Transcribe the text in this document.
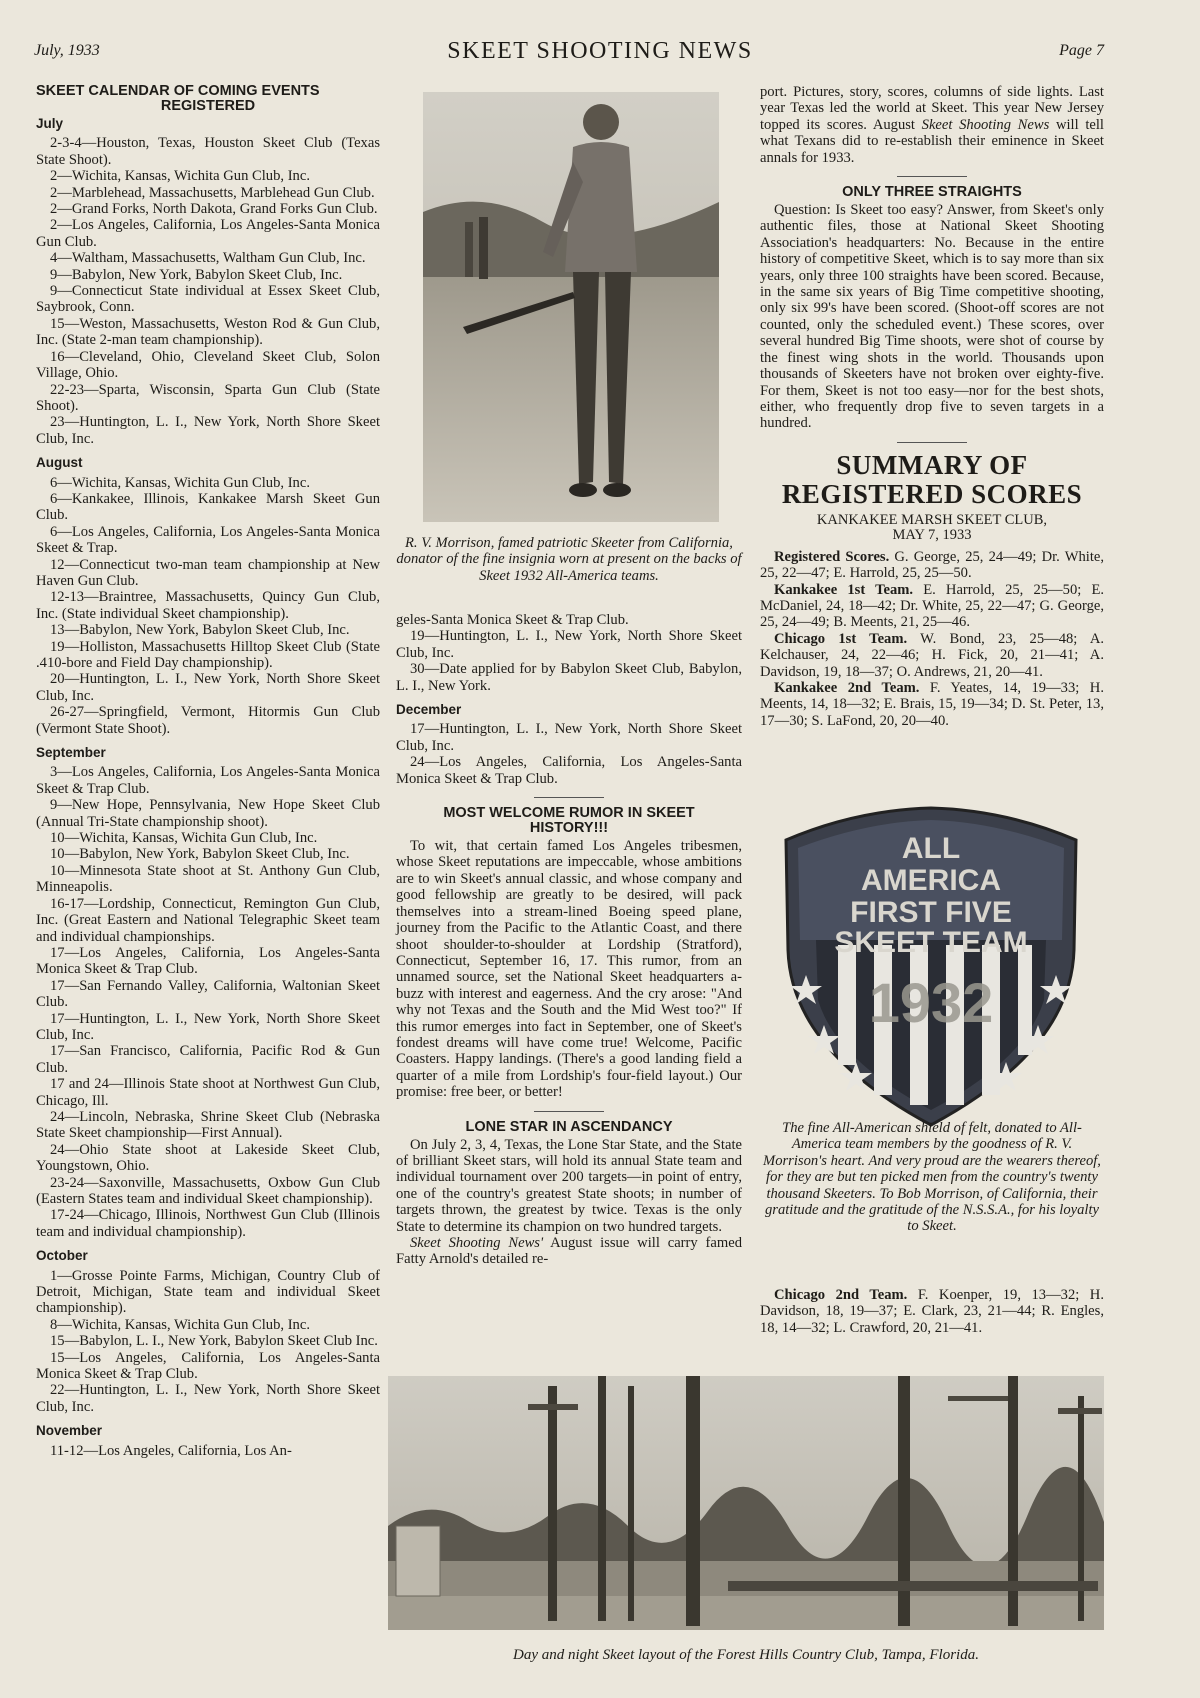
July, 1933	SKEET SHOOTING NEWS	Page 7
SKEET CALENDAR OF COMING EVENTS
REGISTERED
July

2-3-4—Houston, Texas, Houston Skeet Club (Texas State Shoot).

2—Wichita, Kansas, Wichita Gun Club, Inc.

2—Marblehead, Massachusetts, Marblehead Gun Club.

2—Grand Forks, North Dakota, Grand Forks Gun Club.

2—Los Angeles, California, Los Angeles-Santa Monica Gun Club.

4—Waltham, Massachusetts, Waltham Gun Club, Inc.

9—Babylon, New York, Babylon Skeet Club, Inc.

9—Connecticut State individual at Essex Skeet Club, Saybrook, Conn.

15—Weston, Massachusetts, Weston Rod & Gun Club, Inc. (State 2-man team championship).

16—Cleveland, Ohio, Cleveland Skeet Club, Solon Village, Ohio.

22-23—Sparta, Wisconsin, Sparta Gun Club (State Shoot).

23—Huntington, L. I., New York, North Shore Skeet Club, Inc.

August

6—Wichita, Kansas, Wichita Gun Club, Inc.

6—Kankakee, Illinois, Kankakee Marsh Skeet Gun Club.

6—Los Angeles, California, Los Angeles-Santa Monica Skeet & Trap.

12—Connecticut two-man team championship at New Haven Gun Club.

12-13—Braintree, Massachusetts, Quincy Gun Club, Inc. (State individual Skeet championship).

13—Babylon, New York, Babylon Skeet Club, Inc.

19—Holliston, Massachusetts Hilltop Skeet Club (State .410-bore and Field Day championship).

20—Huntington, L. I., New York, North Shore Skeet Club, Inc.

26-27—Springfield, Vermont, Hitormis Gun Club (Vermont State Shoot).

September

3—Los Angeles, California, Los Angeles-Santa Monica Skeet & Trap Club.

9—New Hope, Pennsylvania, New Hope Skeet Club (Annual Tri-State championship shoot).

10—Wichita, Kansas, Wichita Gun Club, Inc.

10—Babylon, New York, Babylon Skeet Club, Inc.

10—Minnesota State shoot at St. Anthony Gun Club, Minneapolis.

16-17—Lordship, Connecticut, Remington Gun Club, Inc. (Great Eastern and National Telegraphic Skeet team and individual championships.

17—Los Angeles, California, Los Angeles-Santa Monica Skeet & Trap Club.

17—San Fernando Valley, California, Waltonian Skeet Club.

17—Huntington, L. I., New York, North Shore Skeet Club, Inc.

17—San Francisco, California, Pacific Rod & Gun Club.

17 and 24—Illinois State shoot at Northwest Gun Club, Chicago, Ill.

24—Lincoln, Nebraska, Shrine Skeet Club (Nebraska State Skeet championship—First Annual).

24—Ohio State shoot at Lakeside Skeet Club, Youngstown, Ohio.

23-24—Saxonville, Massachusetts, Oxbow Gun Club (Eastern States team and individual Skeet championship).

17-24—Chicago, Illinois, Northwest Gun Club (Illinois team and individual championship).

October

1—Grosse Pointe Farms, Michigan, Country Club of Detroit, Michigan, State team and individual Skeet championship).

8—Wichita, Kansas, Wichita Gun Club, Inc.

15—Babylon, L. I., New York, Babylon Skeet Club Inc.

15—Los Angeles, California, Los Angeles-Santa Monica Skeet & Trap Club.

22—Huntington, L. I., New York, North Shore Skeet Club, Inc.

November

11-12—Los Angeles, California, Los An-

R. V. Morrison, famed patriotic Skeeter from California, donator of the fine insignia worn at present on the backs of Skeet 1932 All-America teams.

geles-Santa Monica Skeet & Trap Club.

19—Huntington, L. I., New York, North Shore Skeet Club, Inc.

30—Date applied for by Babylon Skeet Club, Babylon, L. I., New York.

December

17—Huntington, L. I., New York, North Shore Skeet Club, Inc.

24—Los Angeles, California, Los Angeles-Santa Monica Skeet & Trap Club.

MOST WELCOME RUMOR IN SKEET
HISTORY!!!

To wit, that certain famed Los Angeles tribesmen, whose Skeet reputations are impeccable, whose ambitions are to win Skeet's annual classic, and whose company and good fellowship are greatly to be desired, will pack themselves into a stream-lined Boeing speed plane, journey from the Pacific to the Atlantic Coast, and there shoot shoulder-to-shoulder at Lordship (Stratford), Connecticut, September 16, 17. This rumor, from an unnamed source, set the National Skeet headquarters a-buzz with interest and eagerness. And the cry arose: "And why not Texas and the South and the Mid West too?" If this rumor emerges into fact in September, one of Skeet's fondest dreams will have come true! Welcome, Pacific Coasters. Happy landings. (There's a good landing field a quarter of a mile from Lordship's four-field layout.) Our promise: free beer, or better!

LONE STAR IN ASCENDANCY

On July 2, 3, 4, Texas, the Lone Star State, and the State of brilliant Skeet stars, will hold its annual State team and individual tournament over 200 targets—in point of entry, one of the country's greatest State shoots; in number of targets thrown, the greatest by twice. Texas is the only State to determine its champion on two hundred targets.

Skeet Shooting News' August issue will carry famed Fatty Arnold's detailed re-

port. Pictures, story, scores, columns of side lights. Last year Texas led the world at Skeet. This year New Jersey topped its scores. August Skeet Shooting News will tell what Texans did to re-establish their eminence in Skeet annals for 1933.

ONLY THREE STRAIGHTS

Question: Is Skeet too easy? Answer, from Skeet's only authentic files, those at National Skeet Shooting Association's headquarters: No. Because in the entire history of competitive Skeet, which is to say more than six years, only three 100 straights have been scored. Because, in the same six years of Big Time competitive shooting, only six 99's have been scored. (Shoot-off scores are not counted, only the scheduled event.) These scores, over several hundred Big Time shoots, were shot of course by the finest wing shots in the world. Thousands upon thousands of Skeeters have not broken over eighty-five. For them, Skeet is not too easy—nor for the best shots, either, who frequently drop five to seven targets in a hundred.

SUMMARY OF
REGISTERED SCORES
KANKAKEE MARSH SKEET CLUB,
MAY 7, 1933

Registered Scores. G. George, 25, 24—49; Dr. White, 25, 22—47; E. Harrold, 25, 25—50.

Kankakee 1st Team. E. Harrold, 25, 25—50; E. McDaniel, 24, 18—42; Dr. White, 25, 22—47; G. George, 25, 24—49; B. Meents, 21, 25—46.

Chicago 1st Team. W. Bond, 23, 25—48; A. Kelchauser, 24, 22—46; H. Fick, 20, 21—41; A. Davidson, 19, 18—37; O. Andrews, 21, 20—41.

Kankakee 2nd Team. F. Yeates, 14, 19—33; H. Meents, 14, 18—32; E. Brais, 15, 19—34; D. St. Peter, 13, 17—30; S. LaFond, 20, 20—40.

ALL
AMERICA
FIRST FIVE
SKEET TEAM
1932
The fine All-American shield of felt, donated to All-America team members by the goodness of R. V. Morrison's heart. And very proud are the wearers thereof, for they are but ten picked men from the country's twenty thousand Skeeters. To Bob Morrison, of California, their gratitude and the gratitude of the N.S.S.A., for his loyalty to Skeet.
Chicago 2nd Team. F. Koenper, 19, 13—32; H. Davidson, 18, 19—37; E. Clark, 23, 21—44; R. Engles, 18, 14—32; L. Crawford, 20, 21—41.
Day and night Skeet layout of the Forest Hills Country Club, Tampa, Florida.
